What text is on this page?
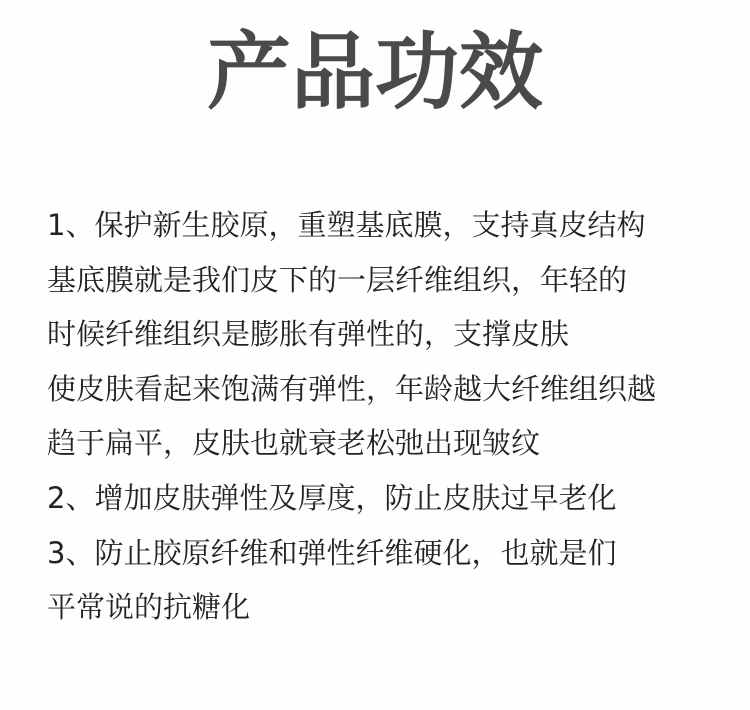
产品功效
1、保护新生胶原，重塑基底膜，支持真皮结构
基底膜就是我们皮下的一层纤维组织，年轻的
时候纤维组织是膨胀有弹性的，支撑皮肤
使皮肤看起来饱满有弹性，年龄越大纤维组织越
趋于扁平，皮肤也就衰老松弛出现皱纹
2、增加皮肤弹性及厚度，防止皮肤过早老化
3、防止胶原纤维和弹性纤维硬化，也就是们
平常说的抗糖化
